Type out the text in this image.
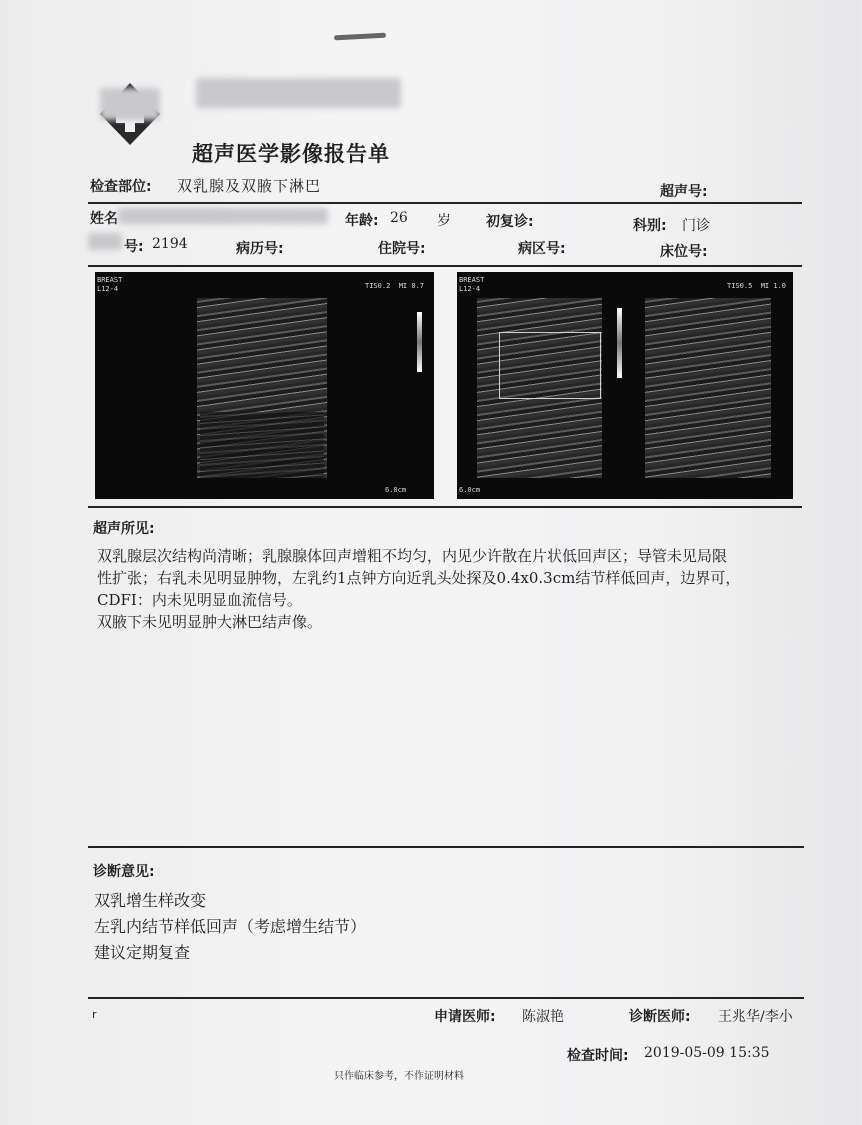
超声医学影像报告单
检查部位: 双乳腺及双腋下淋巴	超声号:
姓名	年龄: 26 岁	初复诊:	科别: 门诊
号: 2194	病历号:	住院号:	病区号:	床位号:
BREAST
L12-4	TIS0.2  MI 0.7
6.0cm
BREAST
L12-4	TIS0.5  MI 1.0
6.0cm
超声所见:
双乳腺层次结构尚清晰；乳腺腺体回声增粗不均匀，内见少许散在片状低回声区；导管未见局限
性扩张；右乳未见明显肿物，左乳约1点钟方向近乳头处探及0.4x0.3cm结节样低回声，边界可，
CDFI：内未见明显血流信号。
双腋下未见明显肿大淋巴结声像。
诊断意见:
双乳增生样改变
左乳内结节样低回声（考虑增生结节）
建议定期复查
r	申请医师: 陈淑艳	诊断医师: 王兆华/李小
检查时间: 2019-05-09 15:35
只作临床参考，不作证明材料
